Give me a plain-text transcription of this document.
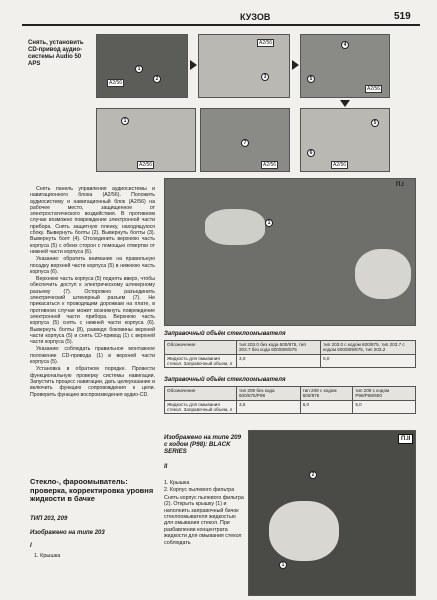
КУЗОВ	519
Снять, установить CD-привод аудио-системы Audio 50 APS
A2/56
1
2
A2/56
3
4
5
A2/56
1
A2/56
7
A2/56
5
A2/56
6

Снять панель управления аудиосистемы и навигационного блока (A2/56). Положить аудиосистему и навигационный блок (A2/56) на рабочее место, защищенное от электростатического воздействия. В противном случае возможно повреждение электронной части прибора. Снять защитную пленку, находящуюся сбоку. Вывернуть болты (2). Вывернуть болты (3). Вывернуть болт (4). Отсоединить верхнюю часть корпуса (5) с обеих сторон с помощью отвертки от нижней части корпуса (6).

Указание: обратить внимание на правильную посадку верхней части корпуса (5) в нижнюю часть корпуса (6).

Верхнюю часть корпуса (5) поднять вверх, чтобы обеспечить доступ к электрическому штекерному разъему (7). Осторожно разъединить электрический штекерный разъем (7). Не прикасаться к проводящим дорожкам на плате, в противном случае может возникнуть повреждение электронной части прибора. Верхнюю часть корпуса (5) снять с нижней части корпуса (6). Вывернуть болты (8), разведя боковины верхней части корпуса (5) и снять CD-привод (1) с верхней части корпуса (5).

Указание: соблюдать правильное монтажное положение CD-привода (1) в верхней части корпуса (5).

Установка в обратном порядке. Провести функциональную проверку системы навигации. Запустить процесс навигации, дать целеуказание и включить функцию сопровождения к цели. Проверить функцию воспроизведения аудио-CD.

Стекло-, фароомыватель: проверка, корректировка уровня жидкости в бачке
ТИП 203, 209
Изображено на типе 203
I
1. Крышка
1
П.I
Заправочный объём стеклоомывателя
Обозначение	тип 203.0 без кода 600/875, тип 203.7 без кода 600/809/875	тип 203.0 с кодом 600/875, тип 203.7 с кодом 600/809/875, тип 203.2
Жидкость для омывания стекол. Заправочный объем, л	3,0	6,0
Заправочный объём стеклоомывателя
Обозначение	тип 209 без кода 600/875/P98	тип 209 с кодом 600/875	тип 209 с кодом P98/P68/600
Жидкость для омывания стекол. Заправочный объем, л	3,5	6,0	5,0
Изображено на типе 209 с кодом (P98): BLACK SERIES
II
1. Крышка
2. Корпус пылевого фильтра
Снять корпус пылевого фильтра (2). Открыть крышку (1) и наполнить заправочный бачок стеклоомывателя жидкостью для омывания стекол. При разбавлении концентрата жидкости для омывания стекол соблюдать
2
1
П.II
